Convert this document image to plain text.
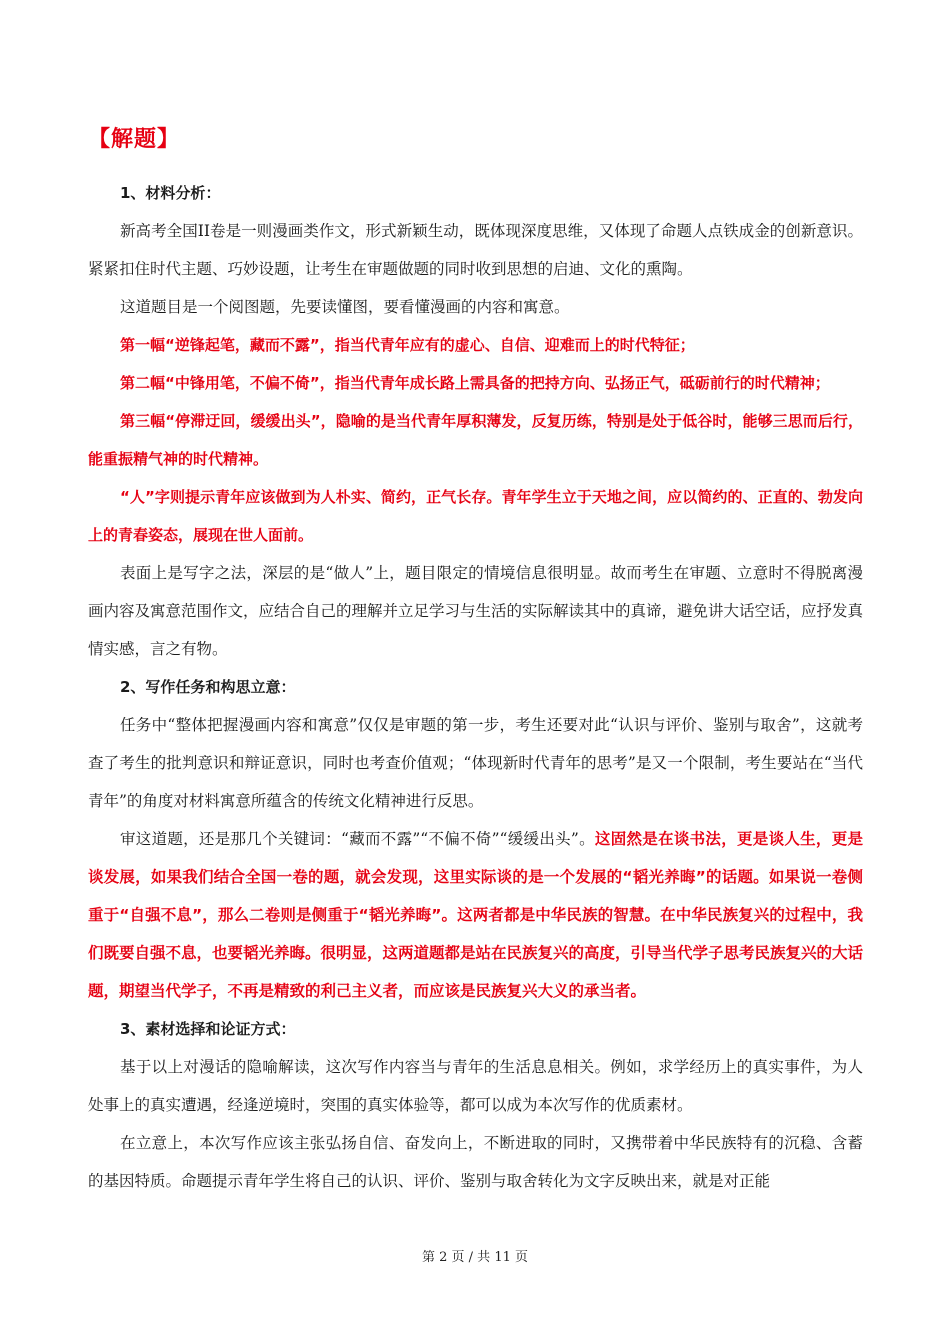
【解题】

1、材料分析：

新高考全国II卷是一则漫画类作文，形式新颖生动，既体现深度思维，又体现了命题人点铁成金的创新意识。紧紧扣住时代主题、巧妙设题，让考生在审题做题的同时收到思想的启迪、文化的熏陶。

这道题目是一个阅图题，先要读懂图，要看懂漫画的内容和寓意。

第一幅“逆锋起笔，藏而不露”，指当代青年应有的虚心、自信、迎难而上的时代特征；

第二幅“中锋用笔，不偏不倚”，指当代青年成长路上需具备的把持方向、弘扬正气，砥砺前行的时代精神；

第三幅“停滞迂回，缓缓出头”，隐喻的是当代青年厚积薄发，反复历练，特别是处于低谷时，能够三思而后行，能重振精气神的时代精神。

“人”字则提示青年应该做到为人朴实、简约，正气长存。青年学生立于天地之间，应以简约的、正直的、勃发向上的青春姿态，展现在世人面前。

表面上是写字之法，深层的是“做人”上，题目限定的情境信息很明显。故而考生在审题、立意时不得脱离漫画内容及寓意范围作文，应结合自己的理解并立足学习与生活的实际解读其中的真谛，避免讲大话空话，应抒发真情实感，言之有物。

2、写作任务和构思立意：

任务中“整体把握漫画内容和寓意”仅仅是审题的第一步，考生还要对此“认识与评价、鉴别与取舍”，这就考查了考生的批判意识和辩证意识，同时也考查价值观；“体现新时代青年的思考”是又一个限制，考生要站在“当代青年”的角度对材料寓意所蕴含的传统文化精神进行反思。

审这道题，还是那几个关键词：“藏而不露”“不偏不倚”“缓缓出头”。这固然是在谈书法，更是谈人生，更是谈发展，如果我们结合全国一卷的题，就会发现，这里实际谈的是一个发展的“韬光养晦”的话题。如果说一卷侧重于“自强不息”，那么二卷则是侧重于“韬光养晦”。这两者都是中华民族的智慧。在中华民族复兴的过程中，我们既要自强不息，也要韬光养晦。很明显，这两道题都是站在民族复兴的高度，引导当代学子思考民族复兴的大话题，期望当代学子，不再是精致的利己主义者，而应该是民族复兴大义的承当者。

3、素材选择和论证方式：

基于以上对漫话的隐喻解读，这次写作内容当与青年的生活息息相关。例如，求学经历上的真实事件，为人处事上的真实遭遇，经逢逆境时，突围的真实体验等，都可以成为本次写作的优质素材。

在立意上，本次写作应该主张弘扬自信、奋发向上，不断进取的同时，又携带着中华民族特有的沉稳、含蓄的基因特质。命题提示青年学生将自己的认识、评价、鉴别与取舍转化为文字反映出来，就是对正能

第 2 页 / 共 11 页
